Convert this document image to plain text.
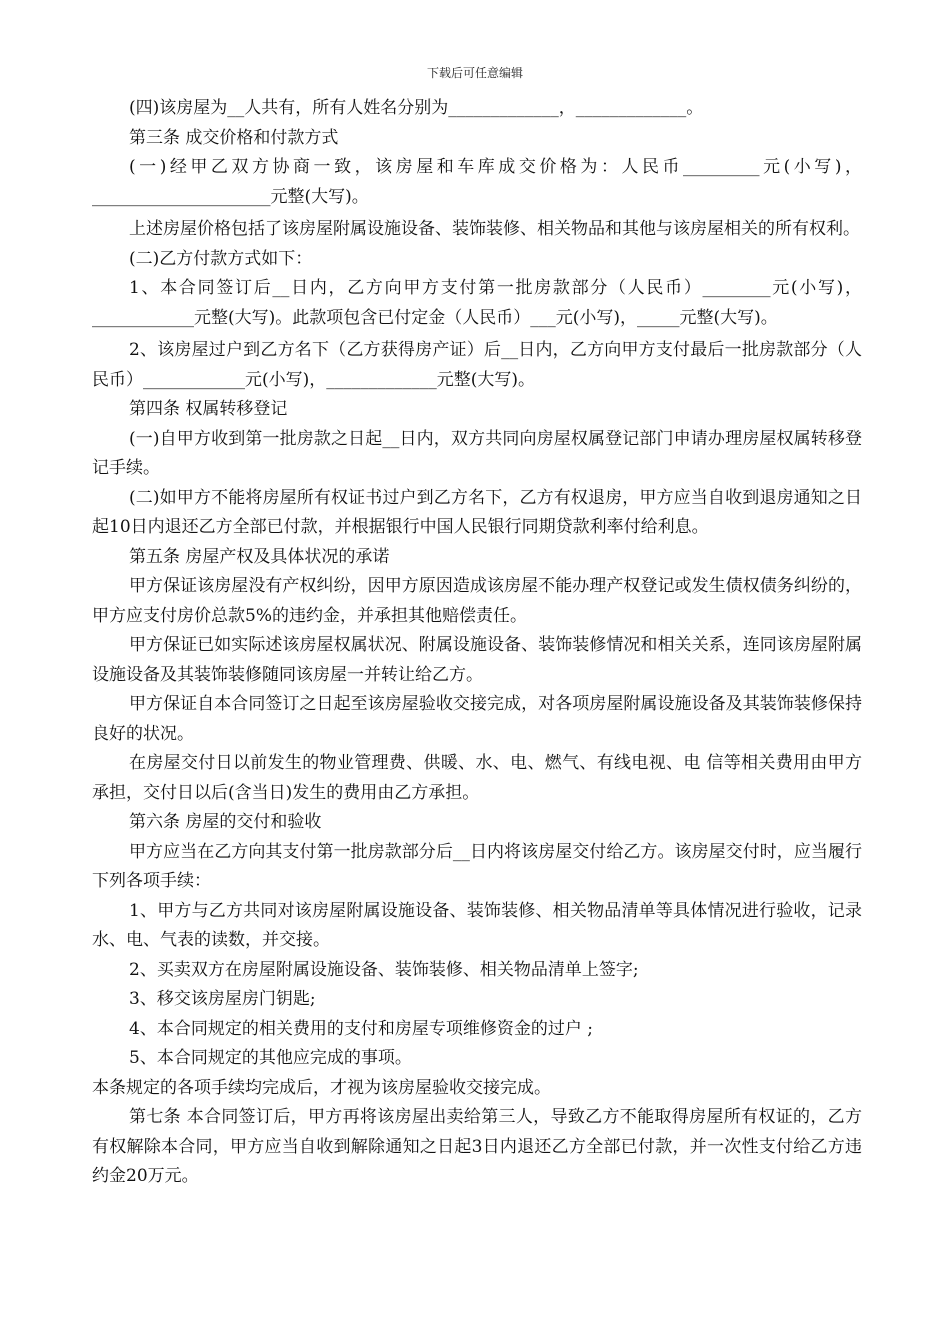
下载后可任意编辑

(四)该房屋为__人共有，所有人姓名分别为_____________，_____________。

第三条 成交价格和付款方式

(一)经甲乙双方协商一致，该房屋和车库成交价格为：人民币_________元(小写)， _____________________元整(大写)。

上述房屋价格包括了该房屋附属设施设备、装饰装修、相关物品和其他与该房屋相关的所有权利。

(二)乙方付款方式如下：

1、本合同签订后__日内，乙方向甲方支付第一批房款部分（人民币）________元(小写)，____________元整(大写)。此款项包含已付定金（人民币）___元(小写)，_____元整(大写)。

2、该房屋过户到乙方名下（乙方获得房产证）后__日内，乙方向甲方支付最后一批房款部分（人民币）____________元(小写)，_____________元整(大写)。

第四条 权属转移登记

(一)自甲方收到第一批房款之日起__日内，双方共同向房屋权属登记部门申请办理房屋权属转移登记手续。

(二)如甲方不能将房屋所有权证书过户到乙方名下，乙方有权退房，甲方应当自收到退房通知之日起10日内退还乙方全部已付款，并根据银行中国人民银行同期贷款利率付给利息。

第五条 房屋产权及具体状况的承诺

甲方保证该房屋没有产权纠纷，因甲方原因造成该房屋不能办理产权登记或发生债权债务纠纷的，甲方应支付房价总款5%的违约金，并承担其他赔偿责任。

甲方保证已如实际述该房屋权属状况、附属设施设备、装饰装修情况和相关关系，连同该房屋附属设施设备及其装饰装修随同该房屋一并转让给乙方。

甲方保证自本合同签订之日起至该房屋验收交接完成，对各项房屋附属设施设备及其装饰装修保持良好的状况。

在房屋交付日以前发生的物业管理费、供暖、水、电、燃气、有线电视、电 信等相关费用由甲方承担，交付日以后(含当日)发生的费用由乙方承担。

第六条 房屋的交付和验收

甲方应当在乙方向其支付第一批房款部分后__日内将该房屋交付给乙方。该房屋交付时，应当履行下列各项手续：

1、甲方与乙方共同对该房屋附属设施设备、装饰装修、相关物品清单等具体情况进行验收，记录水、电、气表的读数，并交接。

2、买卖双方在房屋附属设施设备、装饰装修、相关物品清单上签字;

3、移交该房屋房门钥匙;

4、本合同规定的相关费用的支付和房屋专项维修资金的过户 ;

5、本合同规定的其他应完成的事项。

本条规定的各项手续均完成后，才视为该房屋验收交接完成。

第七条 本合同签订后，甲方再将该房屋出卖给第三人，导致乙方不能取得房屋所有权证的，乙方有权解除本合同，甲方应当自收到解除通知之日起3日内退还乙方全部已付款，并一次性支付给乙方违约金20万元。
